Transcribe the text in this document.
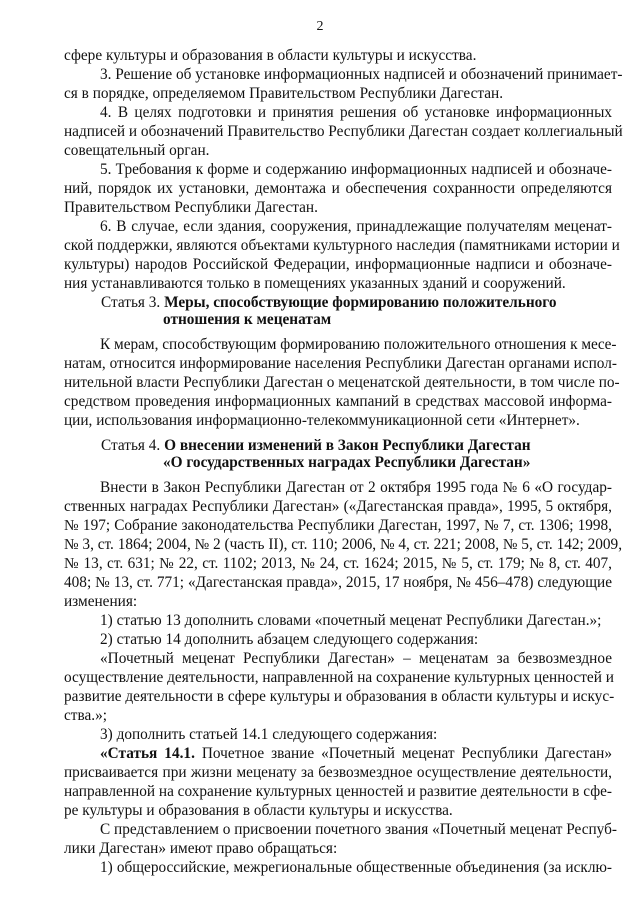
2
сфере культуры и образования в области культуры и искусства.
3. Решение об установке информационных надписей и обозначений принимает-
ся в порядке, определяемом Правительством Республики Дагестан.
4. В целях подготовки и принятия решения об установке информационных
надписей и обозначений Правительство Республики Дагестан создает коллегиальный
совещательный орган.
5. Требования к форме и содержанию информационных надписей и обозначе-
ний, порядок их установки, демонтажа и обеспечения сохранности определяются
Правительством Республики Дагестан.
6. В случае, если здания, сооружения, принадлежащие получателям меценат-
ской поддержки, являются объектами культурного наследия (памятниками истории и
культуры) народов Российской Федерации, информационные надписи и обозначе-
ния устанавливаются только в помещениях указанных зданий и сооружений.
Статья 3. Меры, способствующие формированию положительного
отношения к меценатам
К мерам, способствующим формированию положительного отношения к мece-
натам, относится информирование населения Республики Дагестан органами испол-
нительной власти Республики Дагестан о меценатской деятельности, в том числе по-
средством проведения информационных кампаний в средствах массовой информа-
ции, использования информационно-телекоммуникационной сети «Интернет».
Статья 4. О внесении изменений в Закон Республики Дагестан
«О государственных наградах Республики Дагестан»
Внести в Закон Республики Дагестан от 2 октября 1995 года № 6 «О государ-
ственных наградах Республики Дагестан» («Дагестанская правда», 1995, 5 октября,
№ 197; Собрание законодательства Республики Дагестан, 1997, № 7, ст. 1306; 1998,
№ 3, ст. 1864; 2004, № 2 (часть II), ст. 110; 2006, № 4, ст. 221; 2008, № 5, ст. 142; 2009,
№ 13, ст. 631; № 22, ст. 1102; 2013, № 24, ст. 1624; 2015, № 5, ст. 179; № 8, ст. 407,
408; № 13, ст. 771; «Дагестанская правда», 2015, 17 ноября, № 456–478) следующие
изменения:
1) статью 13 дополнить словами «почетный меценат Республики Дагестан.»;
2) статью 14 дополнить абзацем следующего содержания:
«Почетный меценат Республики Дагестан» – меценатам за безвозмездное
осуществление деятельности, направленной на сохранение культурных ценностей и
развитие деятельности в сфере культуры и образования в области культуры и искус-
ства.»;
3) дополнить статьей 14.1 следующего содержания:
«Статья 14.1. Почетное звание «Почетный меценат Республики Дагестан»
присваивается при жизни меценату за безвозмездное осуществление деятельности,
направленной на сохранение культурных ценностей и развитие деятельности в сфе-
ре культуры и образования в области культуры и искусства.
С представлением о присвоении почетного звания «Почетный меценат Респуб-
лики Дагестан» имеют право обращаться:
1) общероссийские, межрегиональные общественные объединения (за исклю-
